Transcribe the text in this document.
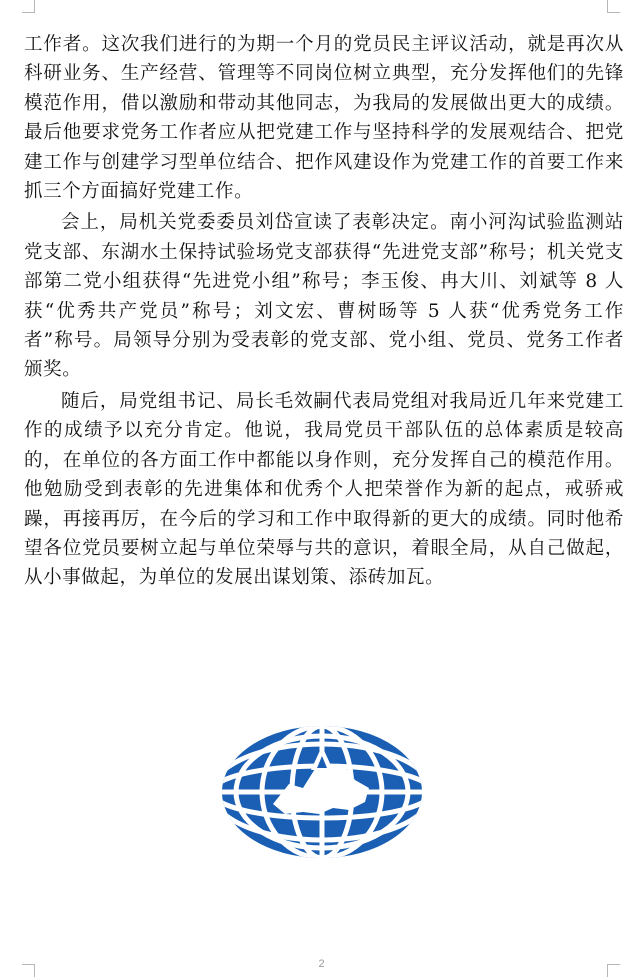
工作者。这次我们进行的为期一个月的党员民主评议活动，就是再次从科研业务、生产经营、管理等不同岗位树立典型，充分发挥他们的先锋模范作用，借以激励和带动其他同志，为我局的发展做出更大的成绩。最后他要求党务工作者应从把党建工作与坚持科学的发展观结合、把党建工作与创建学习型单位结合、把作风建设作为党建工作的首要工作来抓三个方面搞好党建工作。

会上，局机关党委委员刘岱宣读了表彰决定。南小河沟试验监测站党支部、东湖水土保持试验场党支部获得“先进党支部”称号；机关党支部第二党小组获得“先进党小组”称号；李玉俊、冉大川、刘斌等 8 人获“优秀共产党员”称号；刘文宏、曹树旸等 5 人获“优秀党务工作者”称号。局领导分别为受表彰的党支部、党小组、党员、党务工作者颁奖。

随后，局党组书记、局长毛效嗣代表局党组对我局近几年来党建工作的成绩予以充分肯定。他说，我局党员干部队伍的总体素质是较高的，在单位的各方面工作中都能以身作则，充分发挥自己的模范作用。他勉励受到表彰的先进集体和优秀个人把荣誉作为新的起点，戒骄戒躁，再接再厉，在今后的学习和工作中取得新的更大的成绩。同时他希望各位党员要树立起与单位荣辱与共的意识，着眼全局，从自己做起，从小事做起，为单位的发展出谋划策、添砖加瓦。

2
